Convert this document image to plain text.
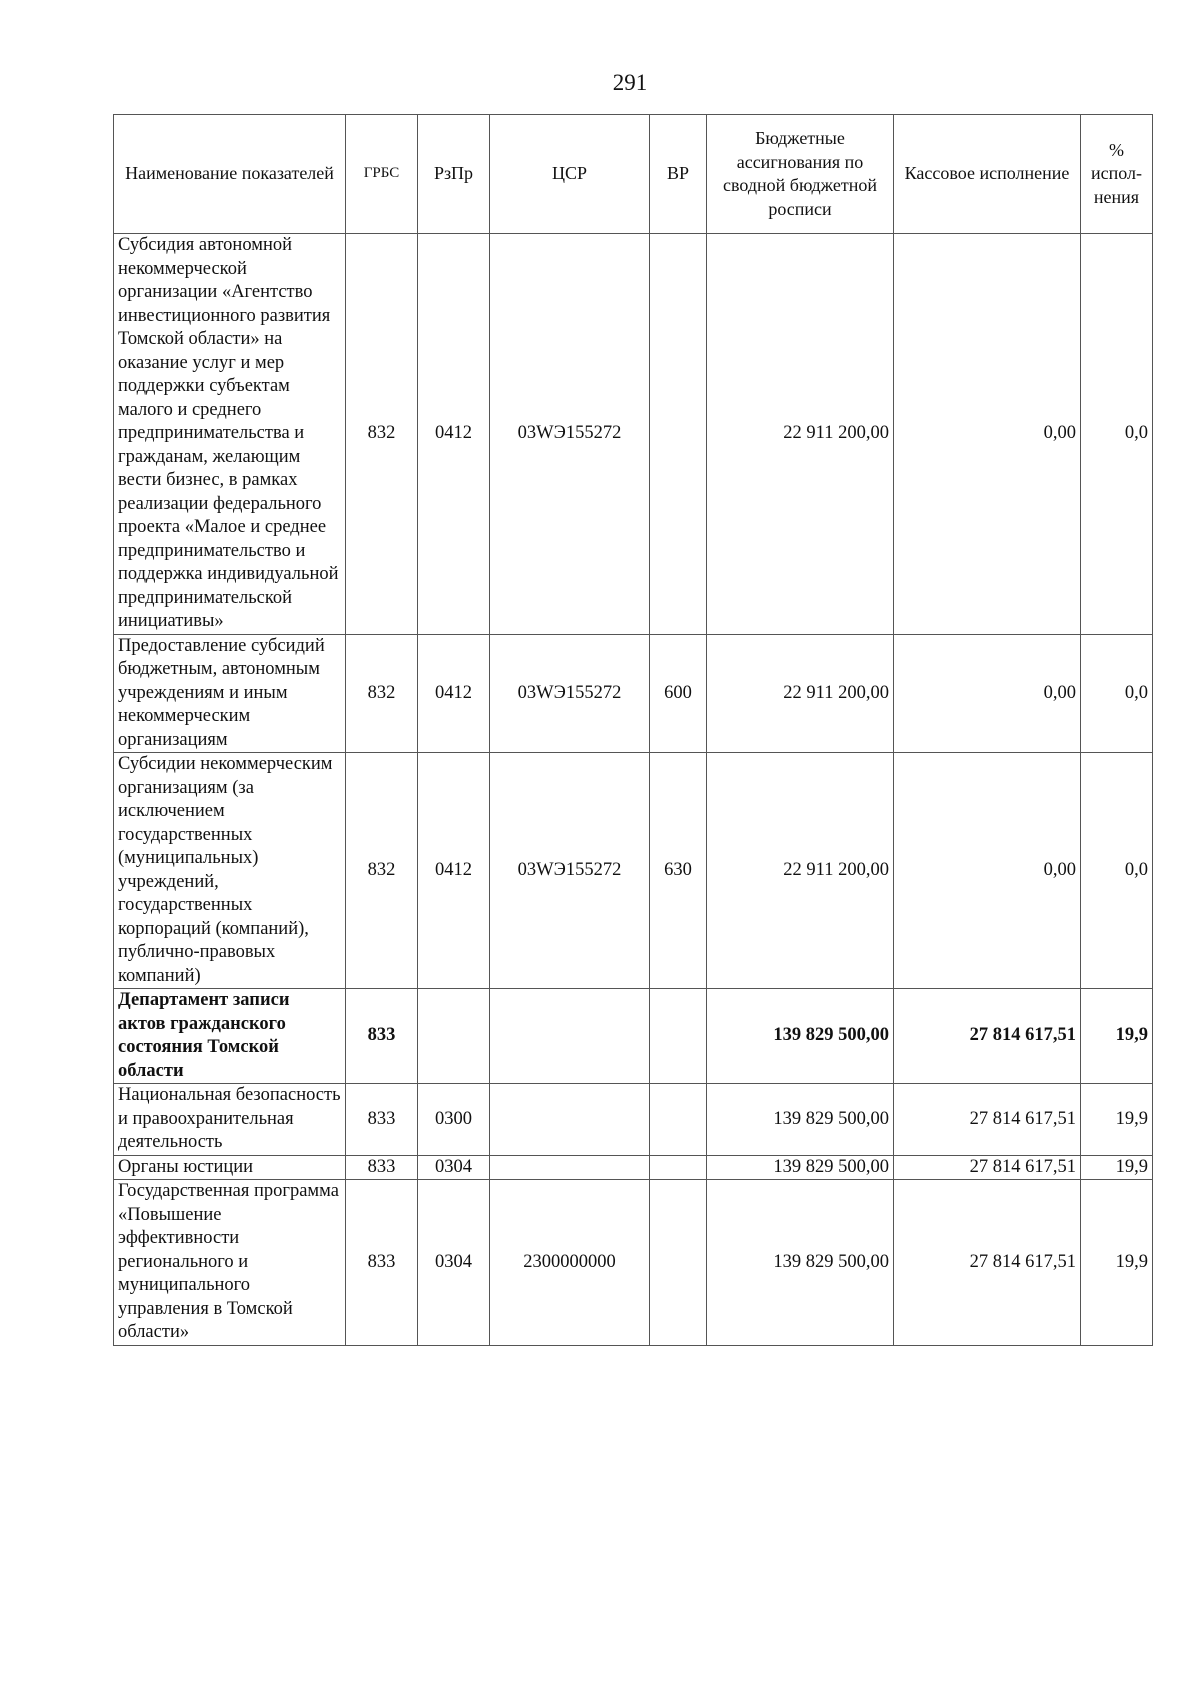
291
Наименование показателей	ГРБС	РзПр	ЦСР	ВР	Бюджетные ассигнования по сводной бюджетной росписи	Кассовое исполнение	% испол-нения
Субсидия автономной некоммерческой организации «Агентство инвестиционного развития Томской области» на оказание услуг и мер поддержки субъектам малого и среднего предпринимательства и гражданам, желающим вести бизнес, в рамках реализации федерального проекта «Малое и среднее предпринимательство и поддержка индивидуальной предпринимательской инициативы»	832	0412	03WЭ155272		22 911 200,00	0,00	0,0
Предоставление субсидий бюджетным, автономным учреждениям и иным некоммерческим организациям	832	0412	03WЭ155272	600	22 911 200,00	0,00	0,0
Субсидии некоммерческим организациям (за исключением государственных (муниципальных) учреждений, государственных корпораций (компаний), публично-правовых компаний)	832	0412	03WЭ155272	630	22 911 200,00	0,00	0,0
Департамент записи актов гражданского состояния Томской области	833				139 829 500,00	27 814 617,51	19,9
Национальная безопасность и правоохранительная деятельность	833	0300			139 829 500,00	27 814 617,51	19,9
Органы юстиции	833	0304			139 829 500,00	27 814 617,51	19,9
Государственная программа «Повышение эффективности регионального и муниципального управления в Томской области»	833	0304	2300000000		139 829 500,00	27 814 617,51	19,9
